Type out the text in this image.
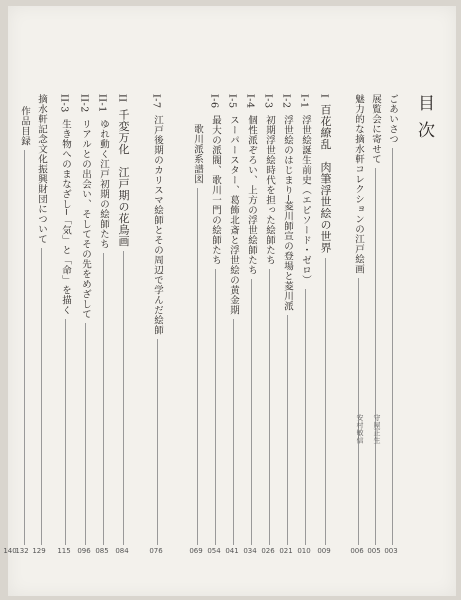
目次
ごあいさつ
003
展覧会に寄せて
守屋正生
005
魅力的な摘水軒コレクションの江戸絵画
安村敏信
006
I
百花繚乱　肉筆浮世絵の世界
009
I-1
浮世絵誕生前史（エピソード・ゼロ）
010
I-2
浮世絵のはじまり─菱川師宣の登場と菱川派
021
I-3
初期浮世絵時代を担った絵師たち
026
I-4
個性派ぞろい、上方の浮世絵師たち
034
I-5
スーパースター、葛飾北斎と浮世絵の黄金期
041
I-6
最大の派閥、歌川一門の絵師たち
054
歌川派系譜図
069
I-7
江戸後期のカリスマ絵師とその周辺で学んだ絵師
076
II
千変万化　江戸期の花鳥画
084
II-1
ゆれ動く江戸初期の絵師たち
085
II-2
リアルとの出会い、そしてその先をめざして
096
II-3
生き物へのまなざし─「気」と「命」を描く
115
摘水軒記念文化振興財団について
129
作品目録
132
140
